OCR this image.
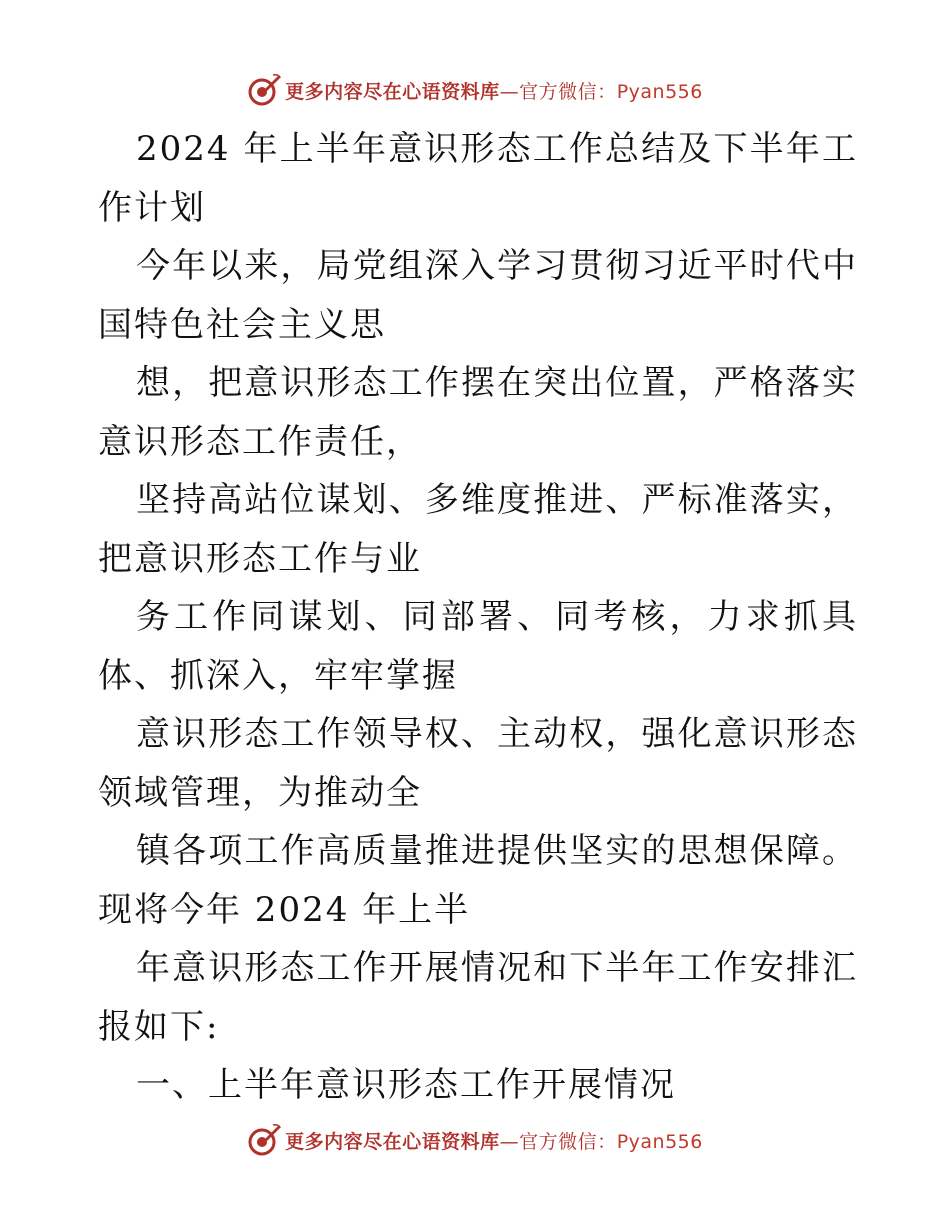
更多内容尽在心语资料库—官方微信：Pyan556

2024 年上半年意识形态工作总结及下半年工作计划

今年以来，局党组深入学习贯彻习近平时代中国特色社会主义思

想，把意识形态工作摆在突出位置，严格落实意识形态工作责任，

坚持高站位谋划、多维度推进、严标准落实，把意识形态工作与业

务工作同谋划、同部署、同考核，力求抓具体、抓深入，牢牢掌握

意识形态工作领导权、主动权，强化意识形态领域管理，为推动全

镇各项工作高质量推进提供坚实的思想保障。现将今年 2024 年上半

年意识形态工作开展情况和下半年工作安排汇报如下:

一、上半年意识形态工作开展情况

更多内容尽在心语资料库—官方微信：Pyan556
